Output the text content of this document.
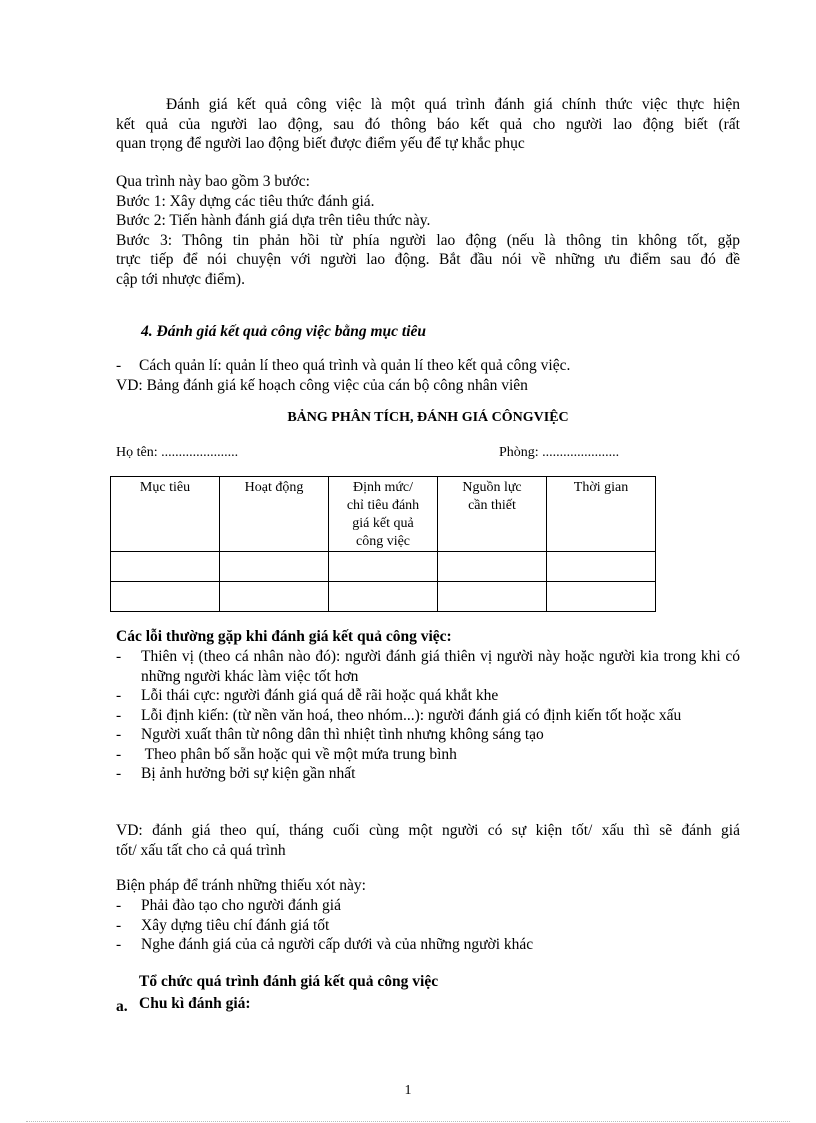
Đánh giá kết quả công việc là một quá trình đánh giá chính thức việc thực hiện
kết quả của người lao động, sau đó thông báo kết quả cho người lao động biết (rất
quan trọng để người lao động biết được điểm yếu để tự khắc phục
Qua trình này bao gồm 3 bước:
Bước 1: Xây dựng các tiêu thức đánh giá.
Bước 2: Tiến hành đánh giá dựa trên tiêu thức này.
Bước 3: Thông tin phản hồi từ phía người lao động (nếu là thông tin không tốt, gặp
trực tiếp để nói chuyện với người lao động. Bắt đầu nói về những ưu điểm sau đó đề
cập tới nhược điểm).
4. Đánh giá kết quả công việc bằng mục tiêu
- Cách quản lí: quản lí theo quá trình và quản lí theo kết quả công việc.
VD: Bảng đánh giá kế hoạch công việc của cán bộ công nhân viên
BẢNG PHÂN TÍCH, ĐÁNH GIÁ CÔNGVIỆC
Họ tên: ......................	Phòng: ......................
Mục tiêu	Hoạt động	Định mức/
chỉ tiêu đánh
giá kết quả
công việc	Nguồn lực
cần thiết	Thời gian

Các lỗi thường gặp khi đánh giá kết quả công việc:
- Thiên vị (theo cá nhân nào đó): người đánh giá thiên vị người này hoặc người kia trong khi có những người khác làm việc tốt hơn
- Lỗi thái cực: người đánh giá quá dễ rãi hoặc quá khắt khe
- Lỗi định kiến: (từ nền văn hoá, theo nhóm...): người đánh giá có định kiến tốt hoặc xấu
- Người xuất thân từ nông dân thì nhiệt tình nhưng không sáng tạo
- Theo phân bố sẵn hoặc qui về một mứa trung bình
- Bị ảnh hưởng bởi sự kiện gần nhất
VD: đánh giá theo quí, tháng cuối cùng một người có sự kiện tốt/ xấu thì sẽ đánh giá
tốt/ xấu tất cho cả quá trình
Biện pháp để tránh những thiếu xót này:
- Phải đào tạo cho người đánh giá
- Xây dựng tiêu chí đánh giá tốt
- Nghe đánh giá của cả người cấp dưới và của những người khác
Tổ chức quá trình đánh giá kết quả công việc
a. Chu kì đánh giá:
1
